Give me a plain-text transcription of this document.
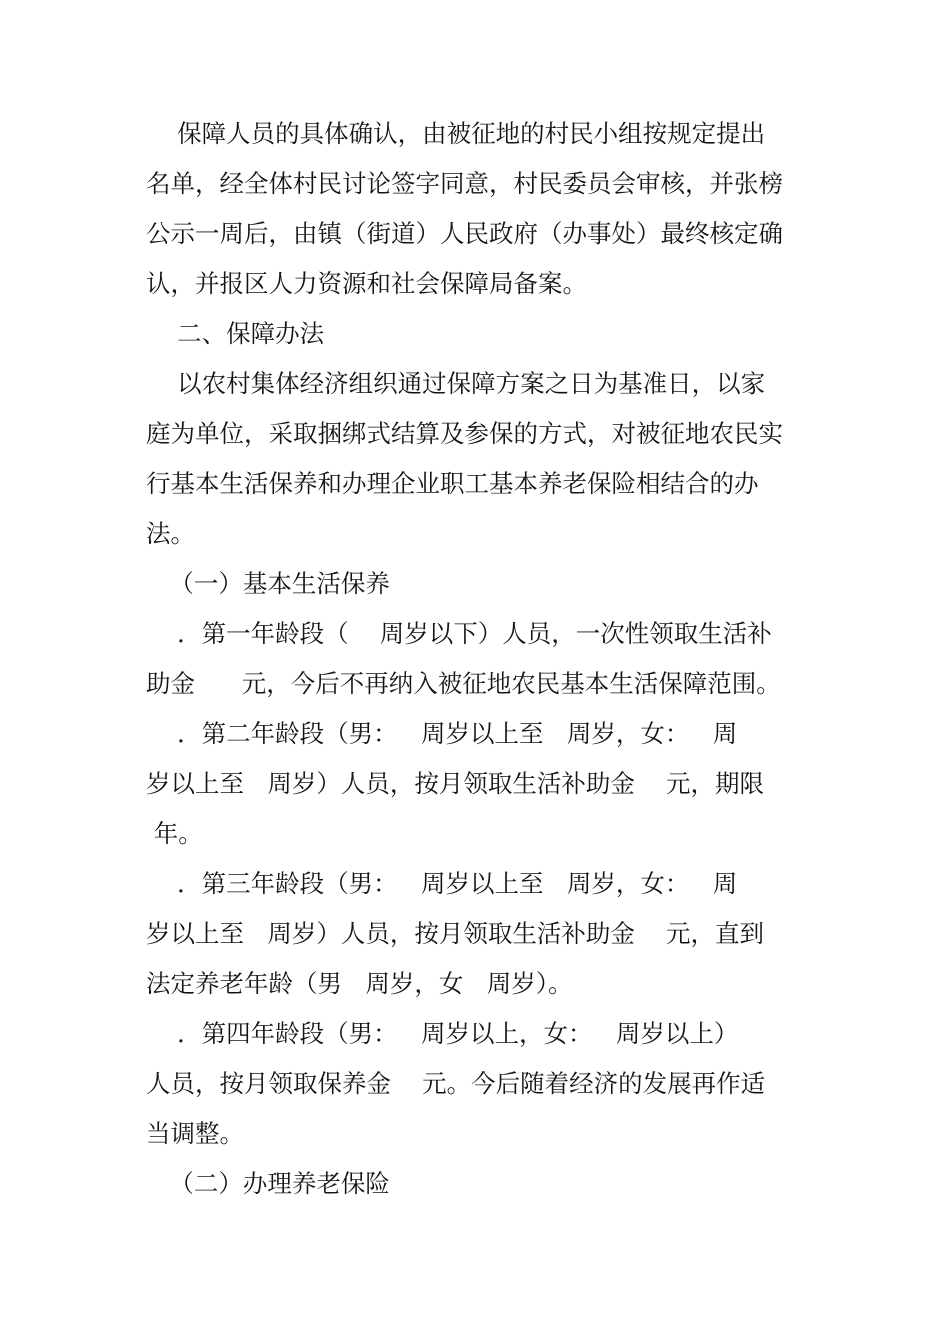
保障人员的具体确认，由被征地的村民小组按规定提出

名单，经全体村民讨论签字同意，村民委员会审核，并张榜

公示一周后，由镇（街道）人民政府（办事处）最终核定确

认，并报区人力资源和社会保障局备案。

二、保障办法

以农村集体经济组织通过保障方案之日为基准日，以家

庭为单位，采取捆绑式结算及参保的方式，对被征地农民实

行基本生活保养和办理企业职工基本养老保险相结合的办

法。

（一）基本生活保养

．第一年龄段（    周岁以下）人员，一次性领取生活补

助金      元，今后不再纳入被征地农民基本生活保障范围。

．第二年龄段（男：   周岁以上至   周岁，女：   周

岁以上至   周岁）人员，按月领取生活补助金    元，期限

年。

．第三年龄段（男：   周岁以上至   周岁，女：   周

岁以上至   周岁）人员，按月领取生活补助金    元，直到

法定养老年龄（男   周岁，女   周岁）。

．第四年龄段（男：   周岁以上，女：   周岁以上）

人员，按月领取保养金    元。今后随着经济的发展再作适

当调整。

（二）办理养老保险
